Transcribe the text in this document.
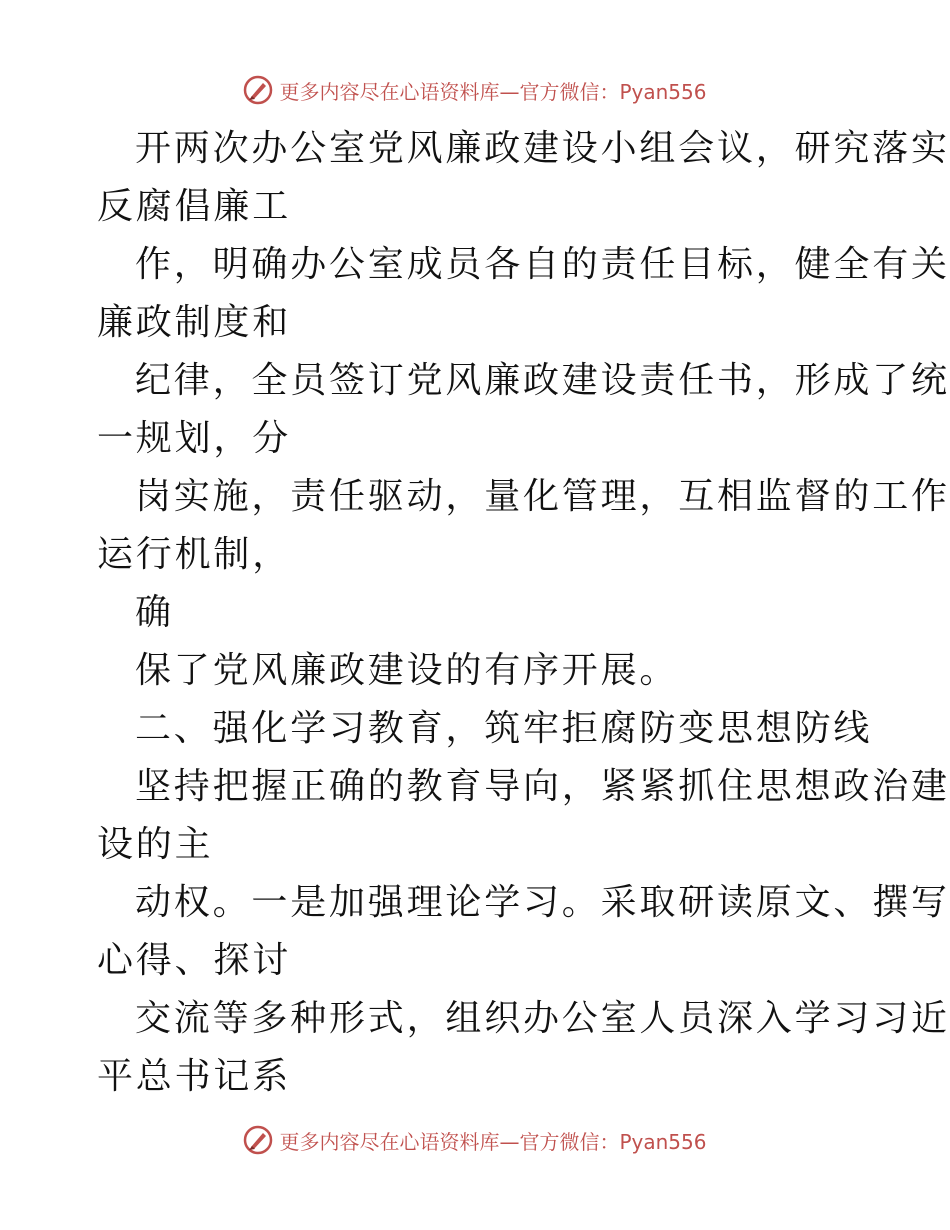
更多内容尽在心语资料库—官方微信：Pyan556
开两次办公室党风廉政建设小组会议，研究落实
反腐倡廉工
作，明确办公室成员各自的责任目标，健全有关
廉政制度和
纪律，全员签订党风廉政建设责任书，形成了统
一规划，分
岗实施，责任驱动，量化管理，互相监督的工作
运行机制，
确
保了党风廉政建设的有序开展。
二、强化学习教育，筑牢拒腐防变思想防线
坚持把握正确的教育导向，紧紧抓住思想政治建
设的主
动权。一是加强理论学习。采取研读原文、撰写
心得、探讨
交流等多种形式，组织办公室人员深入学习习近
平总书记系
更多内容尽在心语资料库—官方微信：Pyan556
